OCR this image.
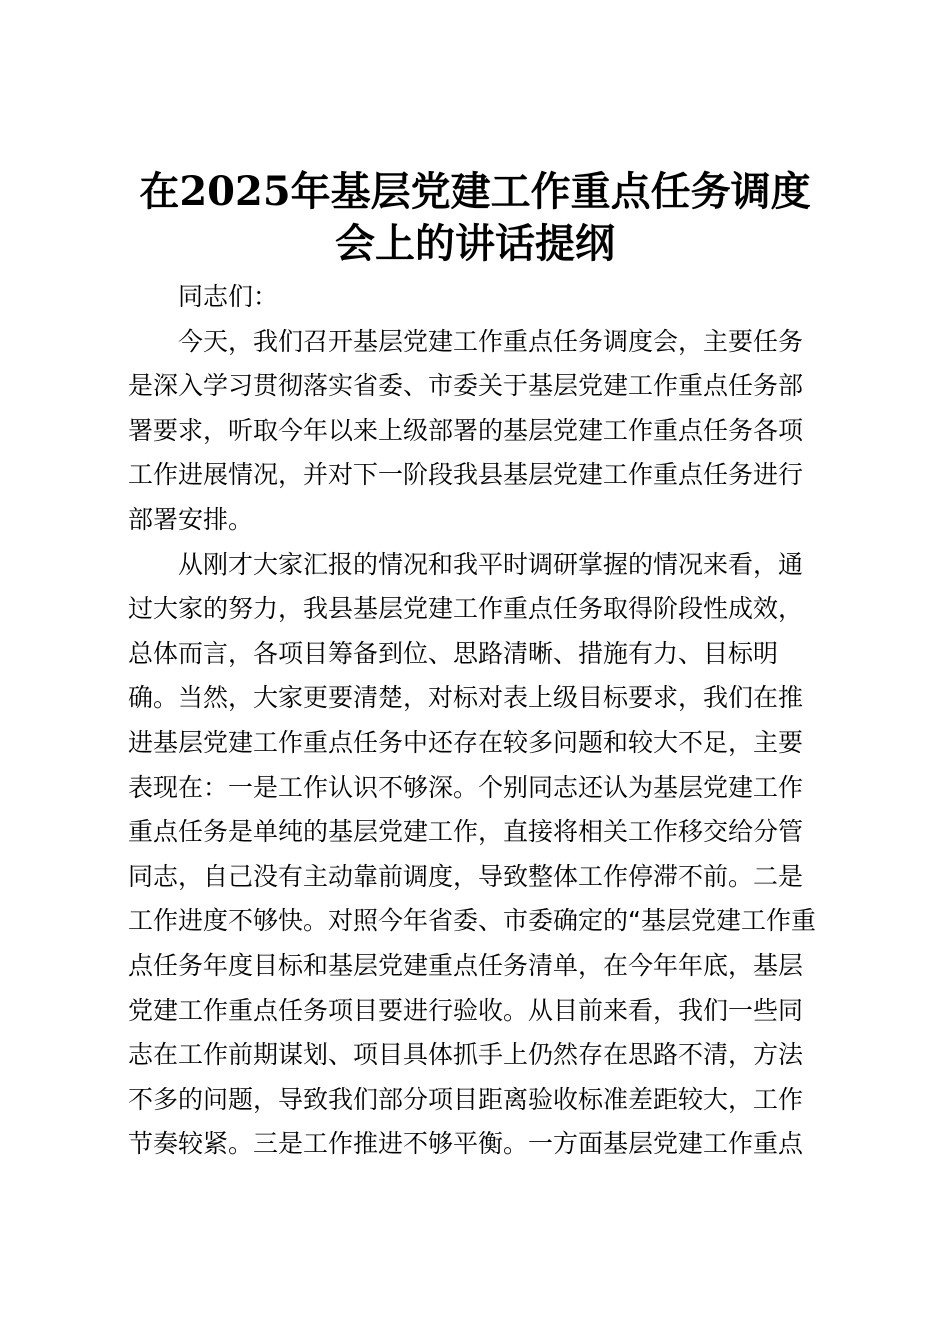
在2025年基层党建工作重点任务调度
会上的讲话提纲

同志们：

今天，我们召开基层党建工作重点任务调度会，主要任务
是深入学习贯彻落实省委、市委关于基层党建工作重点任务部
署要求，听取今年以来上级部署的基层党建工作重点任务各项
工作进展情况，并对下一阶段我县基层党建工作重点任务进行
部署安排。

从刚才大家汇报的情况和我平时调研掌握的情况来看，通
过大家的努力，我县基层党建工作重点任务取得阶段性成效，
总体而言，各项目筹备到位、思路清晰、措施有力、目标明
确。当然，大家更要清楚，对标对表上级目标要求，我们在推
进基层党建工作重点任务中还存在较多问题和较大不足，主要
表现在：一是工作认识不够深。个别同志还认为基层党建工作
重点任务是单纯的基层党建工作，直接将相关工作移交给分管
同志，自己没有主动靠前调度，导致整体工作停滞不前。二是
工作进度不够快。对照今年省委、市委确定的“基层党建工作重
点任务年度目标和基层党建重点任务清单，在今年年底，基层
党建工作重点任务项目要进行验收。从目前来看，我们一些同
志在工作前期谋划、项目具体抓手上仍然存在思路不清，方法
不多的问题，导致我们部分项目距离验收标准差距较大，工作
节奏较紧。三是工作推进不够平衡。一方面基层党建工作重点
